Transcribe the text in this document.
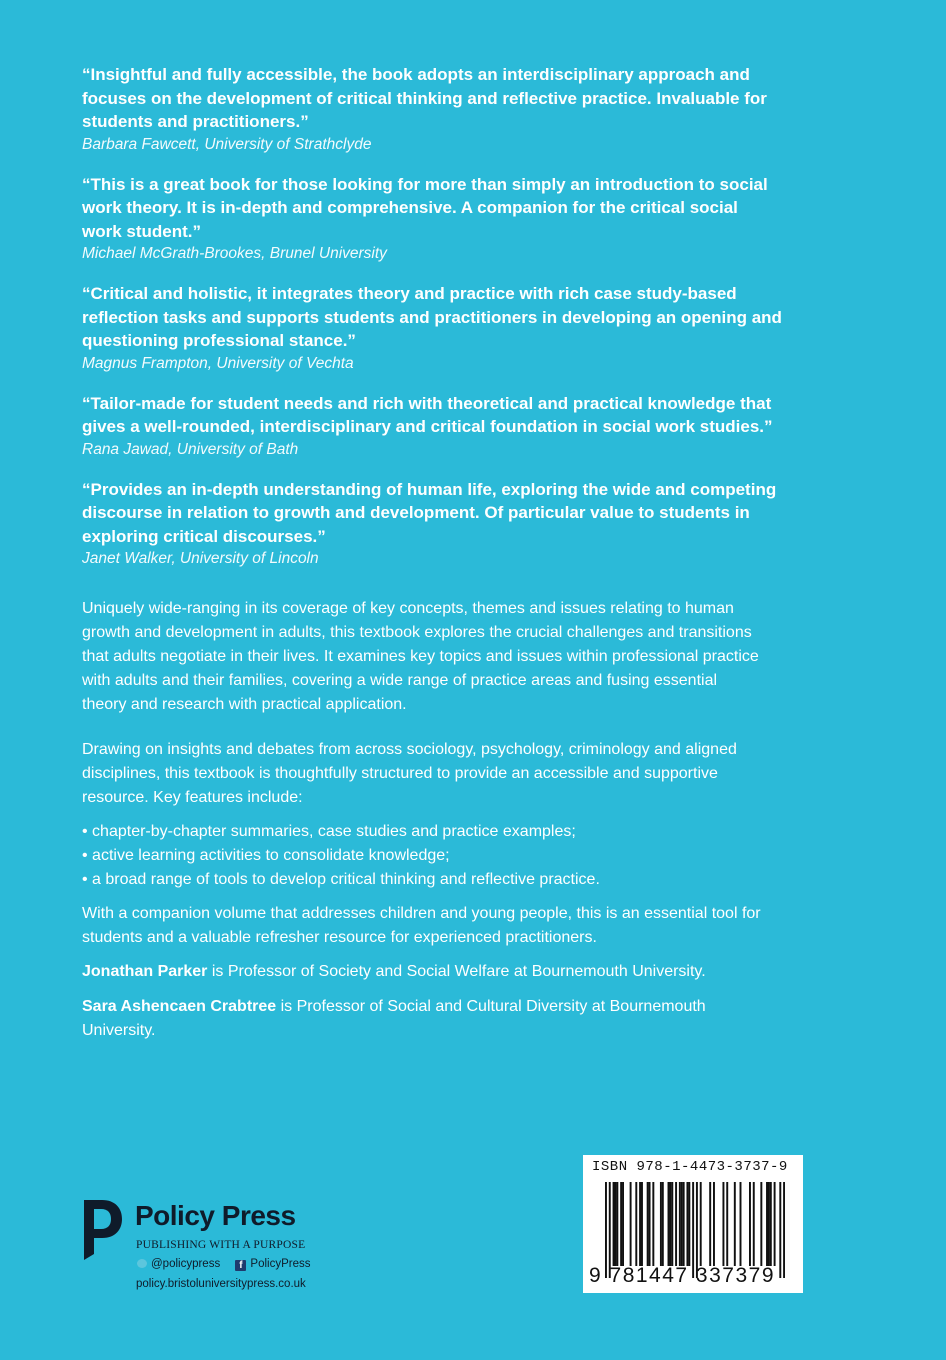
“Insightful and fully accessible, the book adopts an interdisciplinary approach and
focuses on the development of critical thinking and reflective practice. Invaluable for
students and practitioners.”

Barbara Fawcett, University of Strathclyde

“This is a great book for those looking for more than simply an introduction to social
work theory. It is in-depth and comprehensive. A companion for the critical social
work student.”

Michael McGrath-Brookes, Brunel University

“Critical and holistic, it integrates theory and practice with rich case study-based
reflection tasks and supports students and practitioners in developing an opening and
questioning professional stance.”

Magnus Frampton, University of Vechta

“Tailor-made for student needs and rich with theoretical and practical knowledge that
gives a well-rounded, interdisciplinary and critical foundation in social work studies.”

Rana Jawad, University of Bath

“Provides an in-depth understanding of human life, exploring the wide and competing
discourse in relation to growth and development. Of particular value to students in
exploring critical discourses.”

Janet Walker, University of Lincoln

Uniquely wide-ranging in its coverage of key concepts, themes and issues relating to human
growth and development in adults, this textbook explores the crucial challenges and transitions
that adults negotiate in their lives. It examines key topics and issues within professional practice
with adults and their families, covering a wide range of practice areas and fusing essential
theory and research with practical application.

Drawing on insights and debates from across sociology, psychology, criminology and aligned
disciplines, this textbook is thoughtfully structured to provide an accessible and supportive
resource. Key features include:

• chapter-by-chapter summaries, case studies and practice examples;
• active learning activities to consolidate knowledge;
• a broad range of tools to develop critical thinking and reflective practice.

With a companion volume that addresses children and young people, this is an essential tool for
students and a valuable refresher resource for experienced practitioners.

Jonathan Parker is Professor of Society and Social Welfare at Bournemouth University.

Sara Ashencaen Crabtree is Professor of Social and Cultural Diversity at Bournemouth
University.

Policy Press
PUBLISHING WITH A PURPOSE
@policypress f PolicyPress
policy.bristoluniversitypress.co.uk
ISBN 978-1-4473-3737-9
9 781447 337379
